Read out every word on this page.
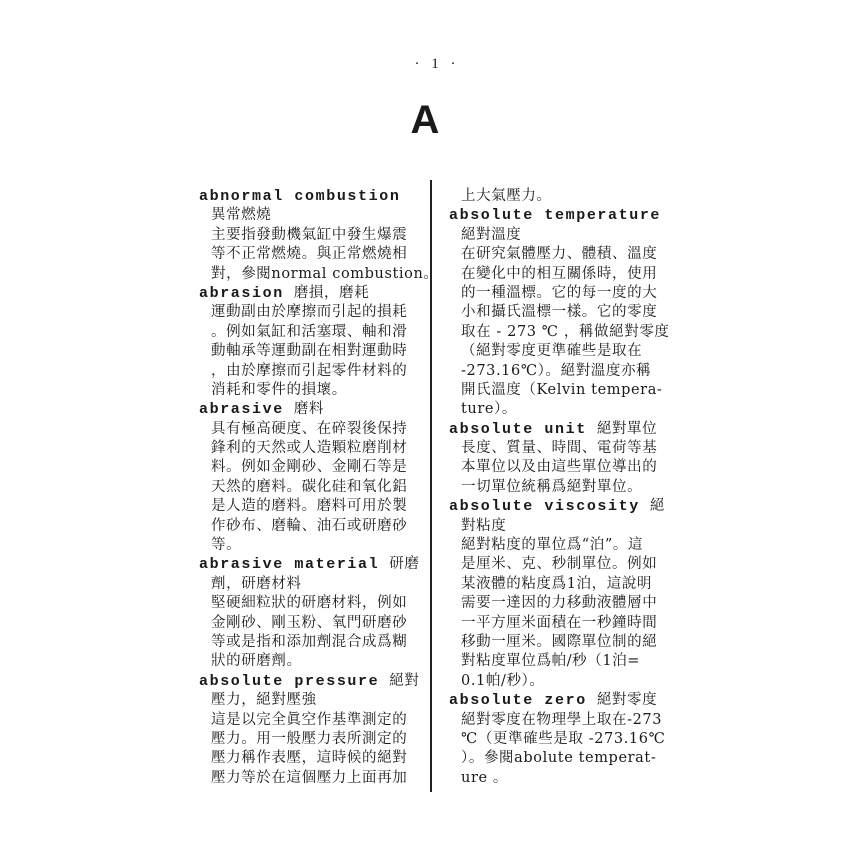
· 1 ·
A
abnormal combustion
異常燃燒
主要指發動機氣缸中發生爆震
等不正常燃燒。與正常燃燒相
對，參閱normal combustion。
abrasion 磨損，磨耗
運動副由於摩擦而引起的損耗
。例如氣缸和活塞環、軸和滑
動軸承等運動副在相對運動時
，由於摩擦而引起零件材料的
消耗和零件的損壞。
abrasive 磨料
具有極高硬度、在碎裂後保持
鋒利的天然或人造顆粒磨削材
料。例如金剛砂、金剛石等是
天然的磨料。碳化硅和氧化鋁
是人造的磨料。磨料可用於製
作砂布、磨輪、油石或研磨砂
等。
abrasive material 研磨
劑，研磨材料
堅硬細粒狀的研磨材料，例如
金剛砂、剛玉粉、氧門研磨砂
等或是指和添加劑混合成爲糊
狀的研磨劑。
absolute pressure 絕對
壓力，絕對壓強
這是以完全眞空作基準測定的
壓力。用一般壓力表所測定的
壓力稱作表壓，這時候的絕對
壓力等於在這個壓力上面再加
上大氣壓力。
absolute temperature
絕對溫度
在研究氣體壓力、體積、溫度
在變化中的相互關係時，使用
的一種溫標。它的每一度的大
小和攝氏溫標一樣。它的零度
取在 - 273 ℃ ，稱做絕對零度
（絕對零度更準確些是取在
-273.16℃）。絕對溫度亦稱
開氏溫度（Kelvin tempera-
ture）。
absolute unit 絕對單位
長度、質量、時間、電荷等基
本單位以及由這些單位導出的
一切單位統稱爲絕對單位。
absolute viscosity 絕
對粘度
絕對粘度的單位爲“泊”。這
是厘米、克、秒制單位。例如
某液體的粘度爲1泊，這說明
需要一達因的力移動液體層中
一平方厘米面積在一秒鐘時間
移動一厘米。國際單位制的絕
對粘度單位爲帕/秒（1泊=
0.1帕/秒）。
absolute zero 絕對零度
絕對零度在物理學上取在-273
℃（更準確些是取 -273.16℃
）。參閱abolute temperat-
ure 。
